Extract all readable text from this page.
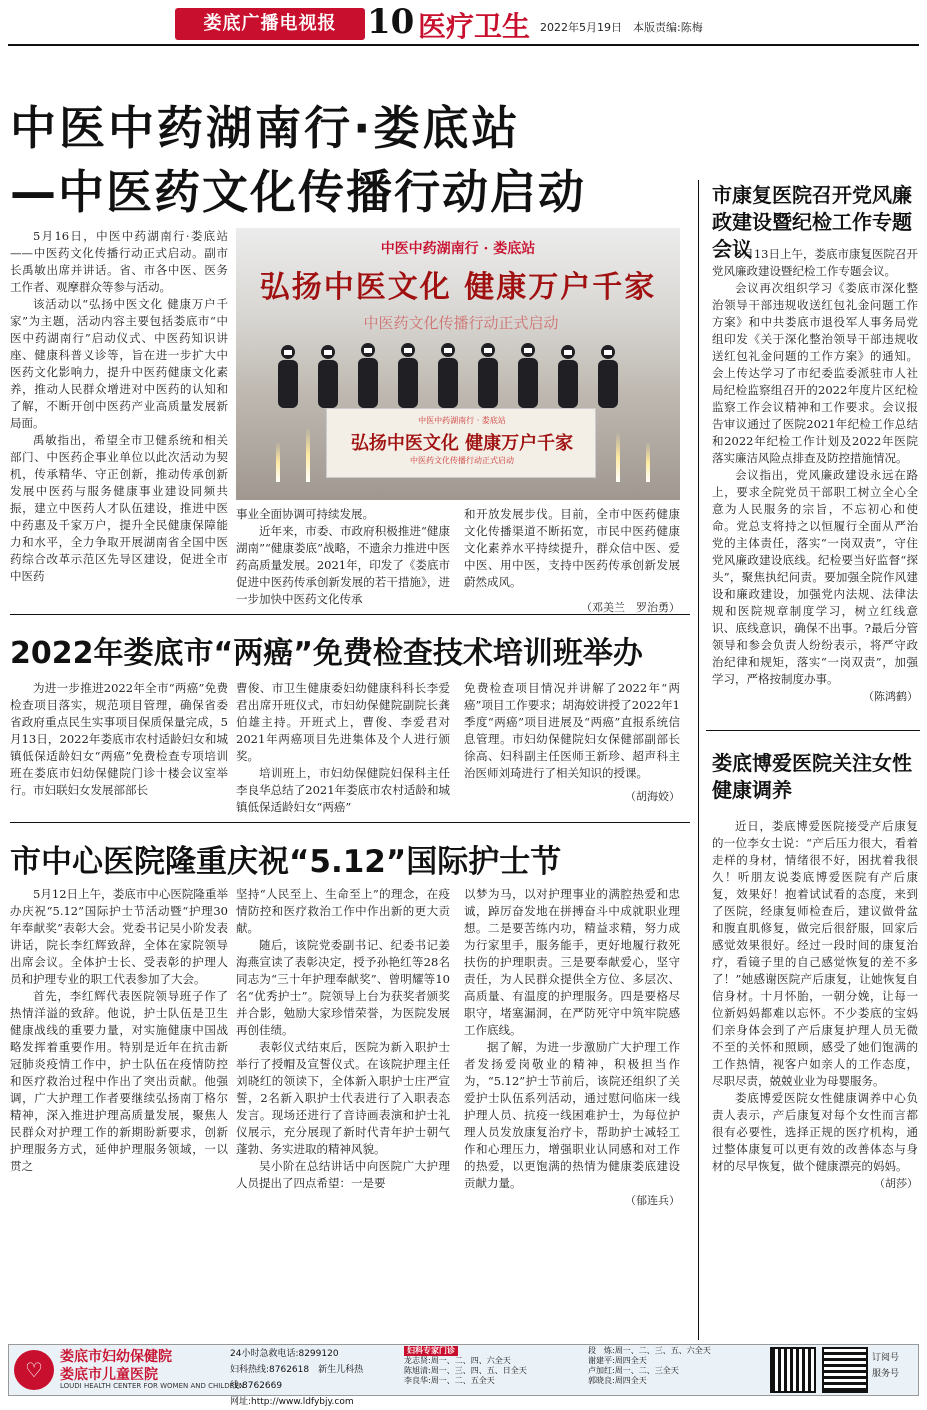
娄底广播电视报 10 医疗卫生 2022年5月19日　 本版责编:陈梅
中医中药湖南行·娄底站
—中医药文化传播行动启动

5月16日，中医中药湖南行·娄底站——中医药文化传播行动正式启动。副市长禹敏出席并讲话。省、市各中医、医务工作者、观摩群众等参与活动。

该活动以“弘扬中医文化 健康万户千家”为主题，活动内容主要包括娄底市“中医中药湖南行”启动仪式、中医药知识讲座、健康科普义诊等，旨在进一步扩大中医药文化影响力，提升中医药健康文化素养，推动人民群众增进对中医药的认知和了解，不断开创中医药产业高质量发展新局面。

禹敏指出，希望全市卫健系统和相关部门、中医药企事业单位以此次活动为契机，传承精华、守正创新，推动传承创新发展中医药与服务健康事业建设同频共振，建立中医药人才队伍建设，推进中医中药惠及千家万户，提升全民健康保障能力和水平，全力争取开展湖南省全国中医药综合改革示范区先导区建设，促进全市中医药

中医中药湖南行 · 娄底站
弘扬中医文化 健康万户千家
中医药文化传播行动正式启动
中医中药湖南行 · 娄底站
弘扬中医文化 健康万户千家
中医药文化传播行动正式启动

事业全面协调可持续发展。

近年来，市委、市政府积极推进“健康湖南”“健康娄底”战略，不遗余力推进中医药高质量发展。2021年，印发了《娄底市促进中医药传承创新发展的若干措施》，进一步加快中医药文化传承

和开放发展步伐。目前，全市中医药健康文化传播渠道不断拓宽，市民中医药健康文化素养水平持续提升，群众信中医、爱中医、用中医，支持中医药传承创新发展蔚然成风。

（邓美兰　罗治勇）
2022年娄底市“两癌”免费检查技术培训班举办

为进一步推进2022年全市“两癌”免费检查项目落实，规范项目管理，确保省委省政府重点民生实事项目保质保量完成，5月13日，2022年娄底市农村适龄妇女和城镇低保适龄妇女“两癌”免费检查专项培训班在娄底市妇幼保健院门诊十楼会议室举行。市妇联妇女发展部部长

曹俊、市卫生健康委妇幼健康科科长李爱君出席开班仪式，市妇幼保健院副院长龚伯雄主持。开班式上，曹俊、李爱君对2021年两癌项目先进集体及个人进行颁奖。

培训班上，市妇幼保健院妇保科主任李良华总结了2021年娄底市农村适龄和城镇低保适龄妇女“两癌”

免费检查项目情况并讲解了2022年“两癌”项目工作要求；胡海姣讲授了2022年1季度“两癌”项目进展及“两癌”直报系统信息管理。市妇幼保健院妇女保健部副部长徐高、妇科副主任医师王新珍、超声科主治医师刘琦进行了相关知识的授课。

（胡海姣）
市中心医院隆重庆祝“5.12”国际护士节

5月12日上午，娄底市中心医院隆重举办庆祝“5.12”国际护士节活动暨“护理30年奉献奖”表彰大会。党委书记吴小阶发表讲话，院长李红辉致辞，全体在家院领导出席会议。全体护士长、受表彰的护理人员和护理专业的职工代表参加了大会。

首先，李红辉代表医院领导班子作了热情洋溢的致辞。他说，护士队伍是卫生健康战线的重要力量，对实施健康中国战略发挥着重要作用。特别是近年在抗击新冠肺炎疫情工作中，护士队伍在疫情防控和医疗救治过程中作出了突出贡献。他强调，广大护理工作者要继续弘扬南丁格尔精神，深入推进护理高质量发展，聚焦人民群众对护理工作的新期盼新要求，创新护理服务方式，延伸护理服务领域，一以贯之

坚持“人民至上、生命至上”的理念，在疫情防控和医疗救治工作中作出新的更大贡献。

随后，该院党委副书记、纪委书记姜海燕宣读了表彰决定，授予孙艳红等28名同志为“三十年护理奉献奖”、曾明耀等10名“优秀护士”。院领导上台为获奖者颁奖并合影，勉励大家珍惜荣誉，为医院发展再创佳绩。

表彰仪式结束后，医院为新入职护士举行了授帽及宣誓仪式。在该院护理主任刘晓红的领读下，全体新入职护士庄严宣誓，2名新入职护士代表进行了入职表态发言。现场还进行了音诗画表演和护士礼仪展示，充分展现了新时代青年护士朝气蓬勃、务实进取的精神风貌。

吴小阶在总结讲话中向医院广大护理人员提出了四点希望：一是要

以梦为马，以对护理事业的满腔热爱和忠诚，踔厉奋发地在拼搏奋斗中成就职业理想。二是要苦练内功，精益求精，努力成为行家里手，服务能手，更好地履行救死扶伤的护理职责。三是要奉献爱心，坚守责任，为人民群众提供全方位、多层次、高质量、有温度的护理服务。四是要格尽职守，堵塞漏洞，在严防死守中筑牢院感工作底线。

据了解，为进一步激励广大护理工作者发扬爱岗敬业的精神，积极担当作为，“5.12”护士节前后，该院还组织了关爱护士队伍系列活动，通过慰问临床一线护理人员、抗疫一线困难护士，为每位护理人员发放康复治疗卡，帮助护士减轻工作和心理压力，增强职业认同感和对工作的热爱，以更饱满的热情为健康娄底建设贡献力量。

（郁连兵）
市康复医院召开党风廉政建设暨纪检工作专题会议

5月13日上午，娄底市康复医院召开党风廉政建设暨纪检工作专题会议。

会议再次组织学习《娄底市深化整治领导干部违规收送红包礼金问题工作方案》和中共娄底市退役军人事务局党组印发《关于深化整治领导干部违规收送红包礼金问题的工作方案》的通知。会上传达学习了市纪委监委派驻市人社局纪检监察组召开的2022年度片区纪检监察工作会议精神和工作要求。会议报告审议通过了医院2021年纪检工作总结和2022年纪检工作计划及2022年医院落实廉洁风险点排查及防控措施情况。

会议指出，党风廉政建设永远在路上，要求全院党员干部职工树立全心全意为人民服务的宗旨，不忘初心和使命。党总支将持之以恒履行全面从严治党的主体责任，落实“一岗双责”，守住党风廉政建设底线。纪检要当好监督“探头”，聚焦执纪问责。要加强全院作风建设和廉政建设，加强党内法规、法律法规和医院规章制度学习，树立红线意识、底线意识，确保不出事。?最后分管领导和参会负责人纷纷表示，将严守政治纪律和规矩，落实“一岗双责”，加强学习，严格按制度办事。

（陈鸿鹤）
娄底博爱医院关注女性健康调养

近日，娄底博爱医院接受产后康复的一位李女士说：“产后压力很大，看着走样的身材，情绪很不好，困扰着我很久！听朋友说娄底博爱医院有产后康复，效果好！抱着试试看的态度，来到了医院，经康复师检查后，建议做骨盆和腹直肌修复，做完后很舒服，回家后感觉效果很好。经过一段时间的康复治疗，看镜子里的自己感觉恢复的差不多了！”她感谢医院产后康复，让她恢复自信身材。十月怀胎，一朝分娩，让每一位新妈妈都难以忘怀。不少娄底的宝妈们亲身体会到了产后康复护理人员无微不至的关怀和照顾，感受了她们饱满的工作热情，视客户如亲人的工作态度，尽职尽责，兢兢业业为母婴服务。

娄底博爱医院女性健康调养中心负责人表示，产后康复对每个女性而言都很有必要性，选择正规的医疗机构，通过整体康复可以更有效的改善体态与身材的尽早恢复，做个健康漂亮的妈妈。

（胡莎）
♡
娄底市妇幼保健院
娄底市儿童医院
LOUDI HEALTH CENTER FOR WOMEN AND CHILDREN
24小时急救电话:8299120
妇科热线:8762618　新生儿科热线:8762669
网址:http://www.ldfybjy.com
妇科专家门诊
龙志贤:周一、二、四、六全天
陈旭清:周一、三、四、五、日全天
李良华:周一、二、五全天
段　炼:周一、二、三、五、六全天
谢建平:周四全天
卢加红:周一、二、三全天
郭晓良:周四全天
订阅号
服务号
